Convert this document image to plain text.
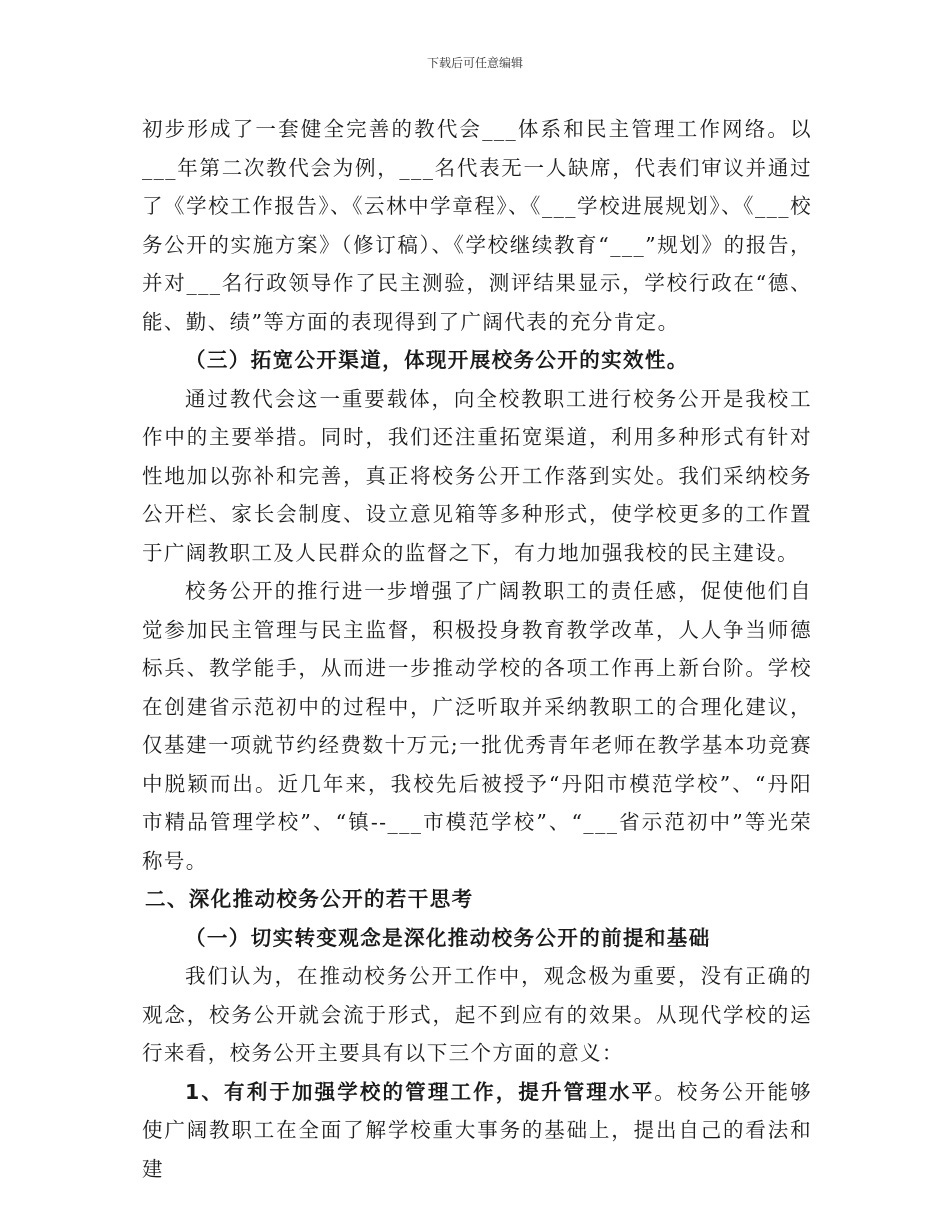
下载后可任意编辑

初步形成了一套健全完善的教代会___体系和民主管理工作网络。以___年第二次教代会为例，___名代表无一人缺席，代表们审议并通过了《学校工作报告》、《云林中学章程》、《___学校进展规划》、《___校务公开的实施方案》（修订稿）、《学校继续教育“___”规划》的报告，并对___名行政领导作了民主测验，测评结果显示，学校行政在“德、能、勤、绩”等方面的表现得到了广阔代表的充分肯定。

（三）拓宽公开渠道，体现开展校务公开的实效性。

通过教代会这一重要载体，向全校教职工进行校务公开是我校工作中的主要举措。同时，我们还注重拓宽渠道，利用多种形式有针对性地加以弥补和完善，真正将校务公开工作落到实处。我们采纳校务公开栏、家长会制度、设立意见箱等多种形式，使学校更多的工作置于广阔教职工及人民群众的监督之下，有力地加强我校的民主建设。

校务公开的推行进一步增强了广阔教职工的责任感，促使他们自觉参加民主管理与民主监督，积极投身教育教学改革，人人争当师德标兵、教学能手，从而进一步推动学校的各项工作再上新台阶。学校在创建省示范初中的过程中，广泛听取并采纳教职工的合理化建议，仅基建一项就节约经费数十万元;一批优秀青年老师在教学基本功竞赛中脱颖而出。近几年来，我校先后被授予“丹阳市模范学校”、“丹阳市精品管理学校”、“镇--___市模范学校”、“___省示范初中”等光荣称号。

二、深化推动校务公开的若干思考

（一）切实转变观念是深化推动校务公开的前提和基础

我们认为，在推动校务公开工作中，观念极为重要，没有正确的观念，校务公开就会流于形式，起不到应有的效果。从现代学校的运行来看，校务公开主要具有以下三个方面的意义：

1、有利于加强学校的管理工作，提升管理水平。校务公开能够使广阔教职工在全面了解学校重大事务的基础上，提出自己的看法和建
